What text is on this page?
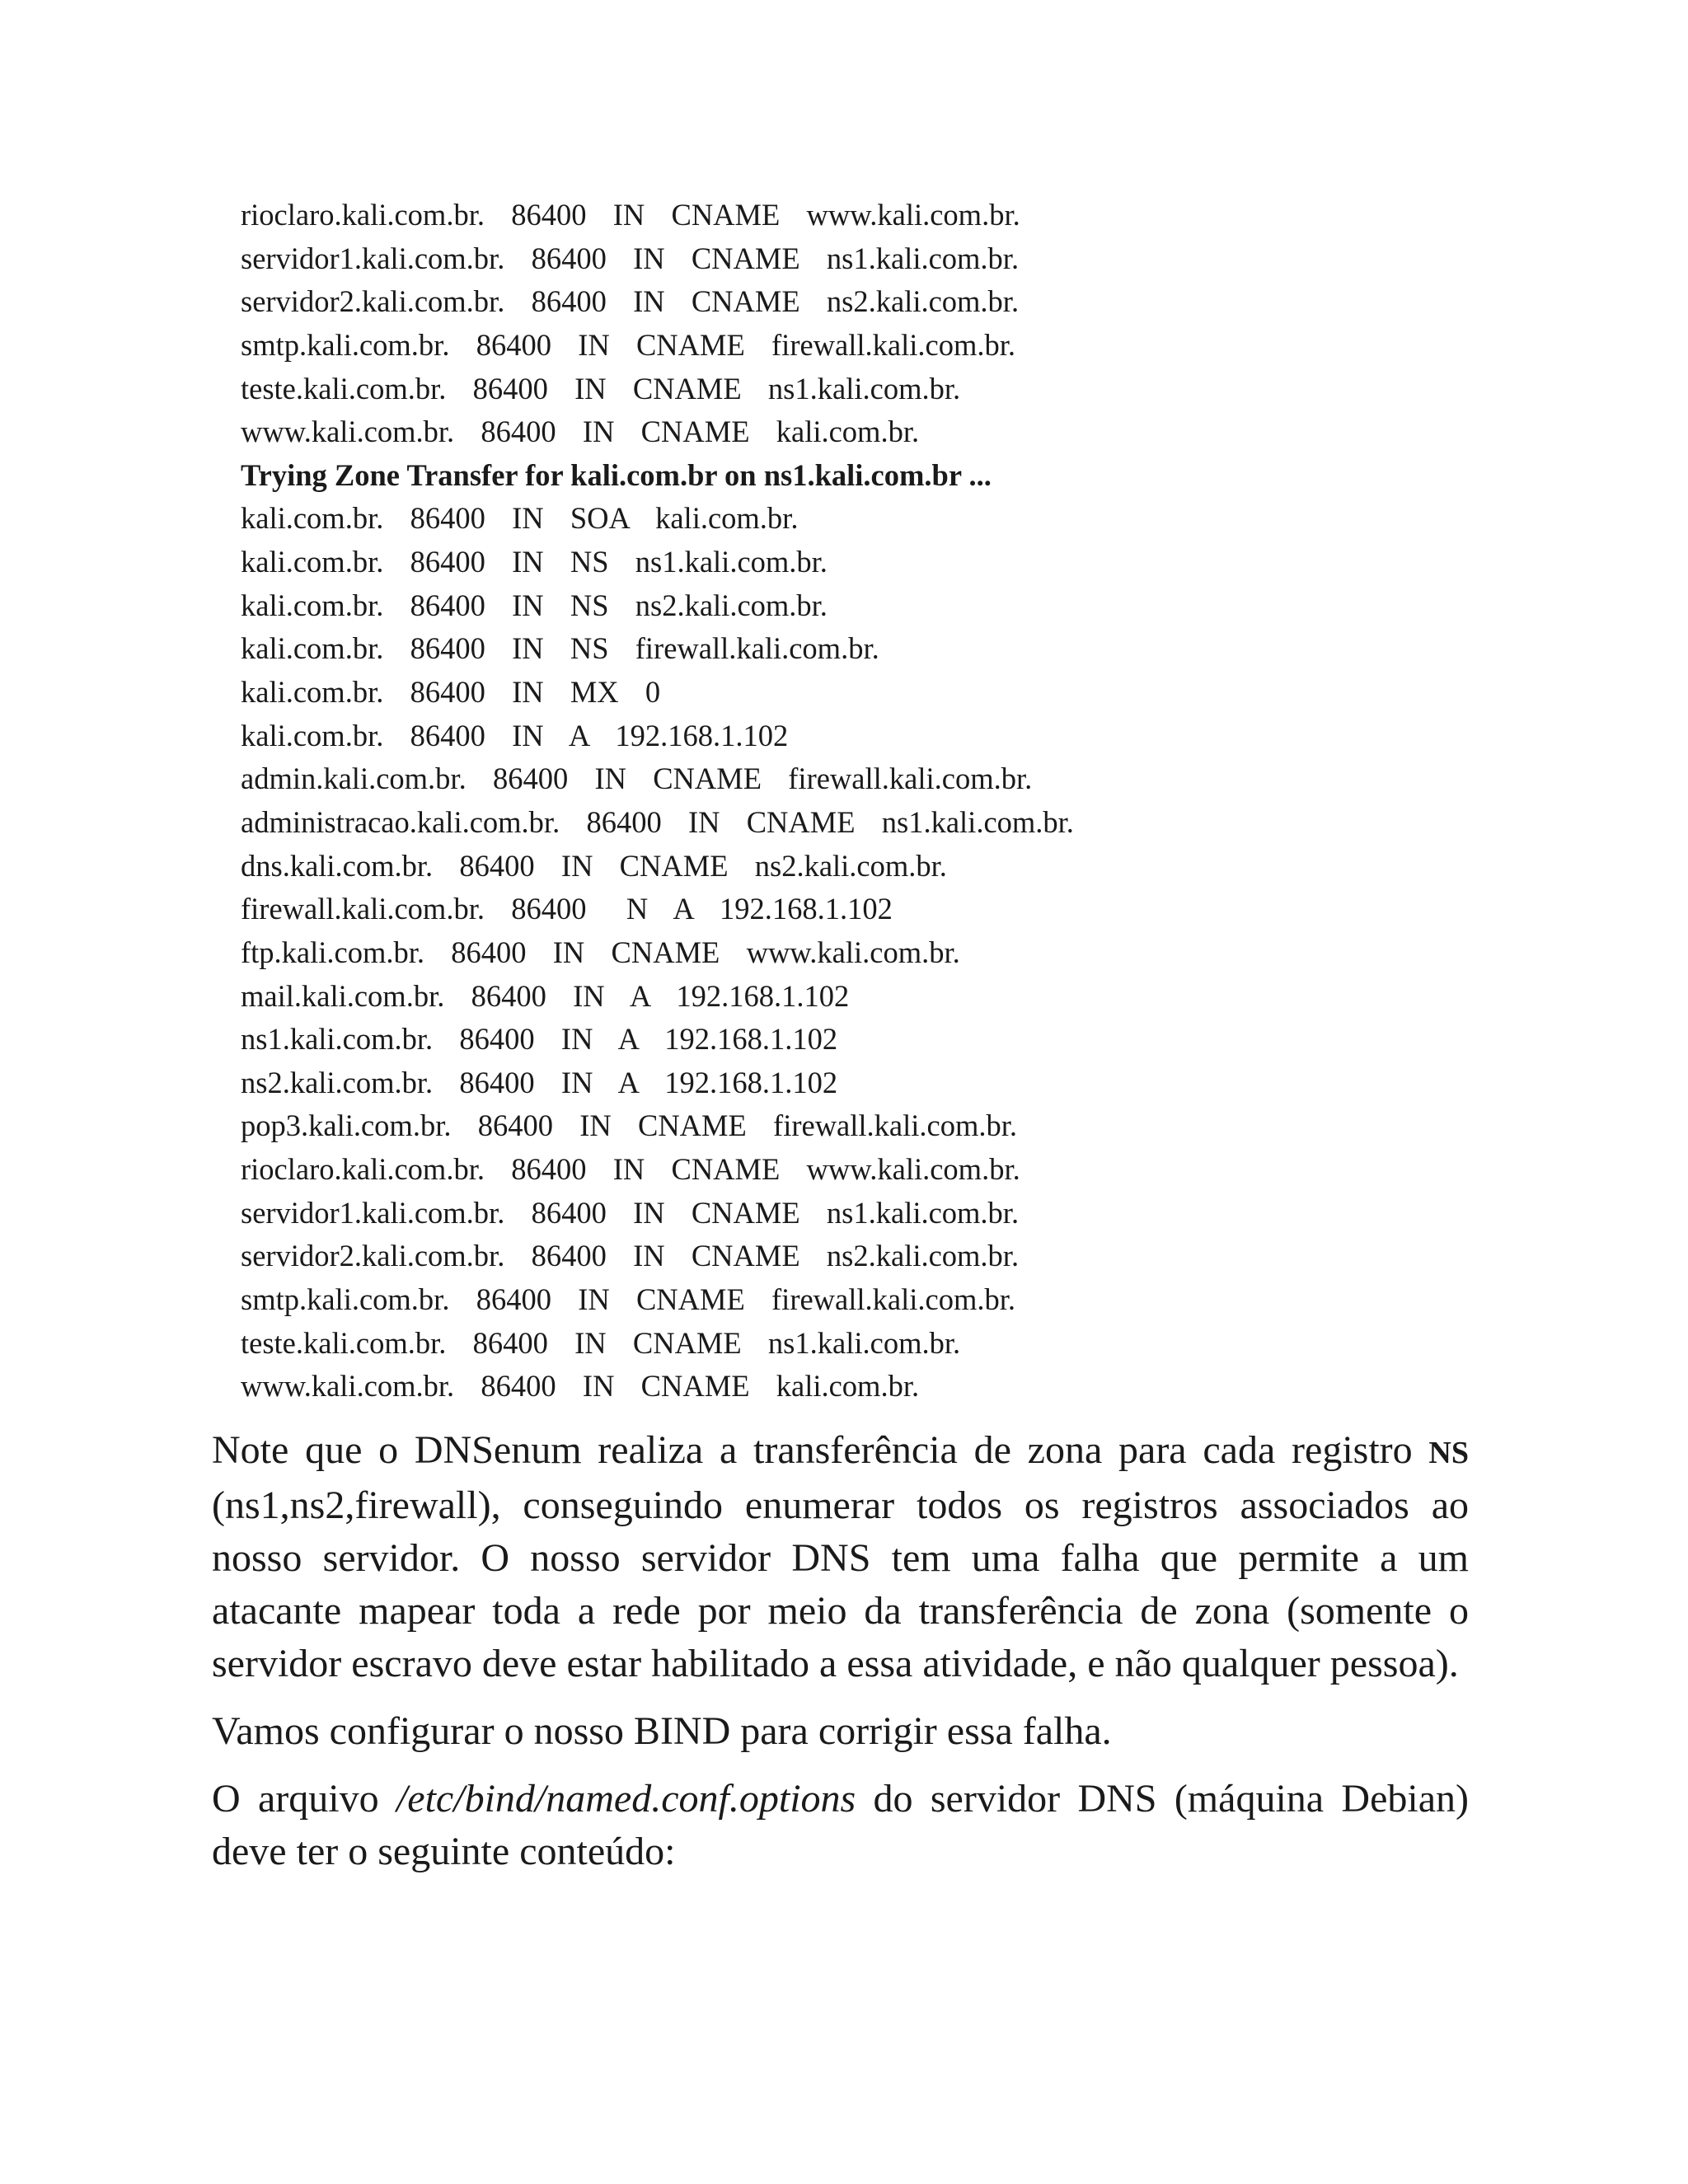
rioclaro.kali.com.br.  86400  IN  CNAME  www.kali.com.br.
servidor1.kali.com.br.  86400  IN  CNAME  ns1.kali.com.br.
servidor2.kali.com.br.  86400  IN  CNAME  ns2.kali.com.br.
smtp.kali.com.br.  86400  IN  CNAME  firewall.kali.com.br.
teste.kali.com.br.  86400  IN  CNAME  ns1.kali.com.br.
www.kali.com.br.  86400  IN  CNAME  kali.com.br.
Trying Zone Transfer for kali.com.br on ns1.kali.com.br ...
kali.com.br.  86400  IN  SOA  kali.com.br.
kali.com.br.  86400  IN  NS  ns1.kali.com.br.
kali.com.br.  86400  IN  NS  ns2.kali.com.br.
kali.com.br.  86400  IN  NS  firewall.kali.com.br.
kali.com.br.  86400  IN  MX  0
kali.com.br.  86400  IN  A  192.168.1.102
admin.kali.com.br.  86400  IN  CNAME  firewall.kali.com.br.
administracao.kali.com.br.  86400  IN  CNAME  ns1.kali.com.br.
dns.kali.com.br.  86400  IN  CNAME  ns2.kali.com.br.
firewall.kali.com.br.  86400   N  A  192.168.1.102
ftp.kali.com.br.  86400  IN  CNAME  www.kali.com.br.
mail.kali.com.br.  86400  IN  A  192.168.1.102
ns1.kali.com.br.  86400  IN  A  192.168.1.102
ns2.kali.com.br.  86400  IN  A  192.168.1.102
pop3.kali.com.br.  86400  IN  CNAME  firewall.kali.com.br.
rioclaro.kali.com.br.  86400  IN  CNAME  www.kali.com.br.
servidor1.kali.com.br.  86400  IN  CNAME  ns1.kali.com.br.
servidor2.kali.com.br.  86400  IN  CNAME  ns2.kali.com.br.
smtp.kali.com.br.  86400  IN  CNAME  firewall.kali.com.br.
teste.kali.com.br.  86400  IN  CNAME  ns1.kali.com.br.
www.kali.com.br.  86400  IN  CNAME  kali.com.br.

Note que o DNSenum realiza a transferência de zona para cada registro NS (ns1,ns2,firewall), conseguindo enumerar todos os registros associados ao nosso servidor. O nosso servidor DNS tem uma falha que permite a um atacante mapear toda a rede por meio da transferência de zona (somente o servidor escravo deve estar habilitado a essa atividade, e não qualquer pessoa).

Vamos configurar o nosso BIND para corrigir essa falha.

O arquivo /etc/bind/named.conf.options do servidor DNS (máquina Debian) deve ter o seguinte conteúdo:
